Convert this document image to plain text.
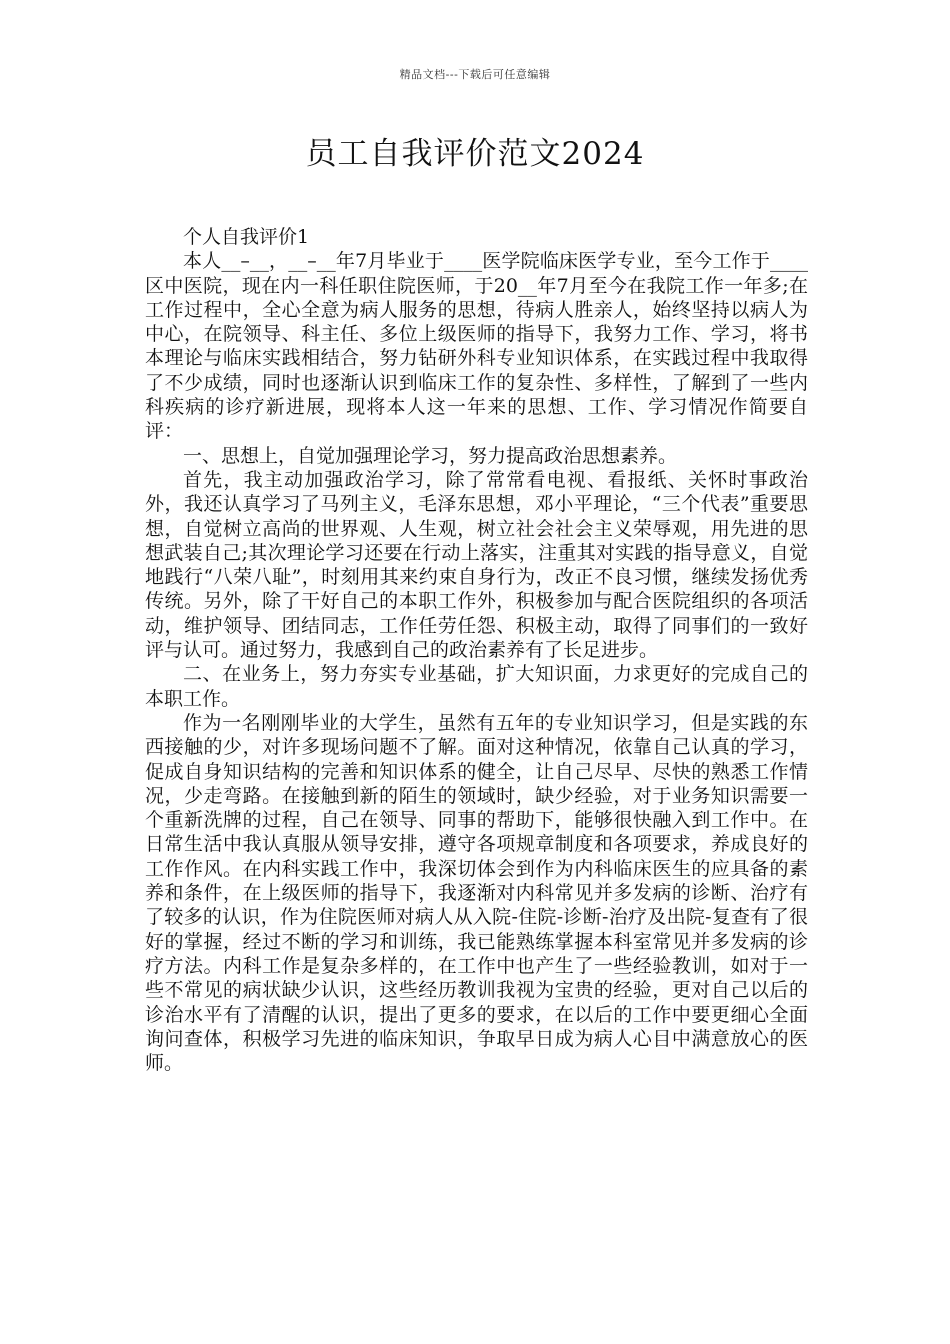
精品文档---下载后可任意编辑
员工自我评价范文2024

个人自我评价1

本人__–__，__–__年7月毕业于____医学院临床医学专业，至今工作于____区中医院，现在内一科任职住院医师，于20__年7月至今在我院工作一年多;在工作过程中，全心全意为病人服务的思想，待病人胜亲人，始终坚持以病人为中心，在院领导、科主任、多位上级医师的指导下，我努力工作、学习，将书本理论与临床实践相结合，努力钻研外科专业知识体系，在实践过程中我取得了不少成绩，同时也逐渐认识到临床工作的复杂性、多样性，了解到了一些内科疾病的诊疗新进展，现将本人这一年来的思想、工作、学习情况作简要自评：

一、思想上，自觉加强理论学习，努力提高政治思想素养。

首先，我主动加强政治学习，除了常常看电视、看报纸、关怀时事政治外，我还认真学习了马列主义，毛泽东思想，邓小平理论，“三个代表”重要思想，自觉树立高尚的世界观、人生观，树立社会社会主义荣辱观，用先进的思想武装自己;其次理论学习还要在行动上落实，注重其对实践的指导意义，自觉地践行“八荣八耻”，时刻用其来约束自身行为，改正不良习惯，继续发扬优秀传统。另外，除了干好自己的本职工作外，积极参加与配合医院组织的各项活动，维护领导、团结同志，工作任劳任怨、积极主动，取得了同事们的一致好评与认可。通过努力，我感到自己的政治素养有了长足进步。

二、在业务上，努力夯实专业基础，扩大知识面，力求更好的完成自己的本职工作。

作为一名刚刚毕业的大学生，虽然有五年的专业知识学习，但是实践的东西接触的少，对许多现场问题不了解。面对这种情况，依靠自己认真的学习，促成自身知识结构的完善和知识体系的健全，让自己尽早、尽快的熟悉工作情况，少走弯路。在接触到新的陌生的领域时，缺少经验，对于业务知识需要一个重新洗牌的过程，自己在领导、同事的帮助下，能够很快融入到工作中。在日常生活中我认真服从领导安排，遵守各项规章制度和各项要求，养成良好的工作作风。在内科实践工作中，我深切体会到作为内科临床医生的应具备的素养和条件，在上级医师的指导下，我逐渐对内科常见并多发病的诊断、治疗有了较多的认识，作为住院医师对病人从入院-住院-诊断-治疗及出院-复查有了很好的掌握，经过不断的学习和训练，我已能熟练掌握本科室常见并多发病的诊疗方法。内科工作是复杂多样的，在工作中也产生了一些经验教训，如对于一些不常见的病状缺少认识，这些经历教训我视为宝贵的经验，更对自己以后的诊治水平有了清醒的认识，提出了更多的要求，在以后的工作中要更细心全面询问查体，积极学习先进的临床知识，争取早日成为病人心目中满意放心的医师。
